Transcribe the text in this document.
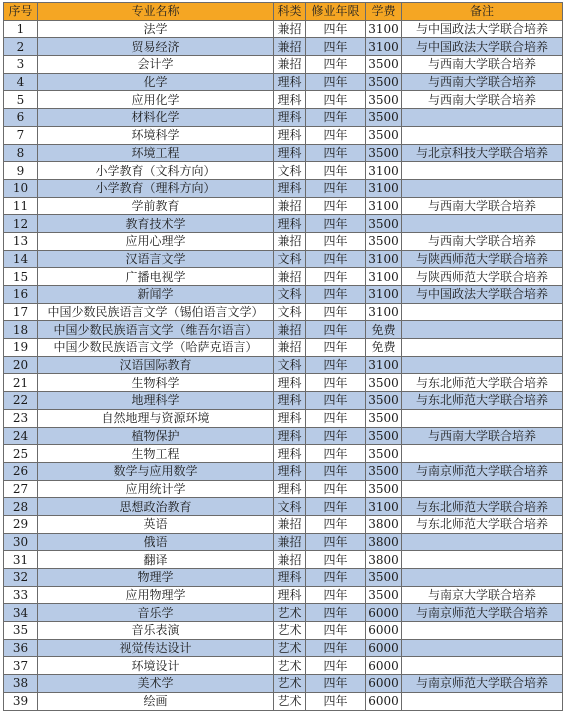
序号	专业名称	科类	修业年限	学费	备注
1	法学	兼招	四年	3100	与中国政法大学联合培养
2	贸易经济	兼招	四年	3100	与中国政法大学联合培养
3	会计学	兼招	四年	3500	与西南大学联合培养
4	化学	理科	四年	3500	与西南大学联合培养
5	应用化学	理科	四年	3500	与西南大学联合培养
6	材料化学	理科	四年	3500	
7	环境科学	理科	四年	3500	
8	环境工程	理科	四年	3500	与北京科技大学联合培养
9	小学教育（文科方向）	文科	四年	3100	
10	小学教育（理科方向）	理科	四年	3100	
11	学前教育	兼招	四年	3100	与西南大学联合培养
12	教育技术学	理科	四年	3500	
13	应用心理学	兼招	四年	3500	与西南大学联合培养
14	汉语言文学	文科	四年	3100	与陕西师范大学联合培养
15	广播电视学	兼招	四年	3100	与陕西师范大学联合培养
16	新闻学	文科	四年	3100	与中国政法大学联合培养
17	中国少数民族语言文学（锡伯语言文学）	文科	四年	3100	
18	中国少数民族语言文学（维吾尔语言）	兼招	四年	免费	
19	中国少数民族语言文学（哈萨克语言）	兼招	四年	免费	
20	汉语国际教育	文科	四年	3100	
21	生物科学	理科	四年	3500	与东北师范大学联合培养
22	地理科学	理科	四年	3500	与东北师范大学联合培养
23	自然地理与资源环境	理科	四年	3500	
24	植物保护	理科	四年	3500	与西南大学联合培养
25	生物工程	理科	四年	3500	
26	数学与应用数学	理科	四年	3500	与南京师范大学联合培养
27	应用统计学	理科	四年	3500	
28	思想政治教育	文科	四年	3100	与东北师范大学联合培养
29	英语	兼招	四年	3800	与东北师范大学联合培养
30	俄语	兼招	四年	3800	
31	翻译	兼招	四年	3800	
32	物理学	理科	四年	3500	
33	应用物理学	理科	四年	3500	与南京大学联合培养
34	音乐学	艺术	四年	6000	与南京师范大学联合培养
35	音乐表演	艺术	四年	6000	
36	视觉传达设计	艺术	四年	6000	
37	环境设计	艺术	四年	6000	
38	美术学	艺术	四年	6000	与南京师范大学联合培养
39	绘画	艺术	四年	6000	
